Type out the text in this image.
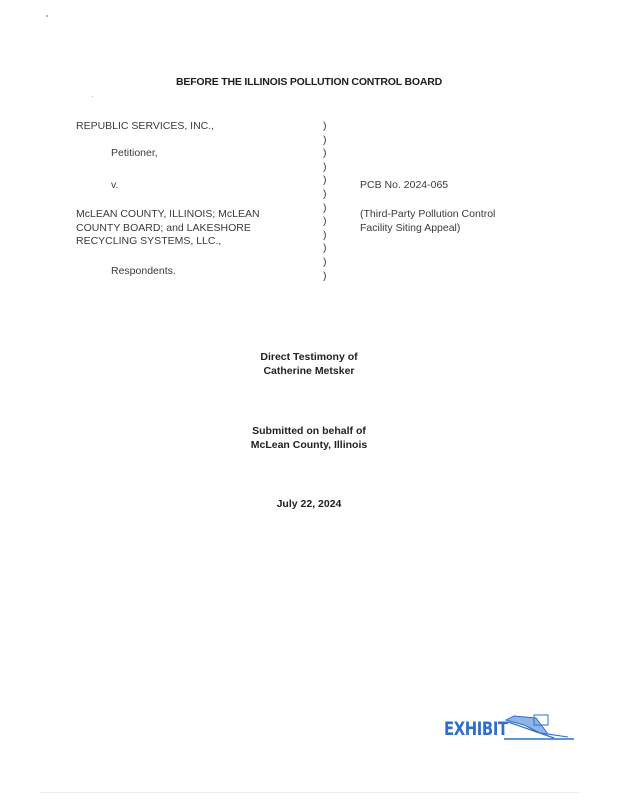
BEFORE THE ILLINOIS POLLUTION CONTROL BOARD
REPUBLIC SERVICES, INC.,
Petitioner,
v.
McLEAN COUNTY, ILLINOIS; McLEAN
COUNTY BOARD; and LAKESHORE
RECYCLING SYSTEMS, LLC.,
Respondents.
)
)
)
)
)
)
)
)
)
)
)
)
PCB No. 2024-065
(Third-Party Pollution Control
Facility Siting Appeal)
Direct Testimony of
Catherine Metsker
Submitted on behalf of
McLean County, Illinois
July 22, 2024
EXHIBIT
